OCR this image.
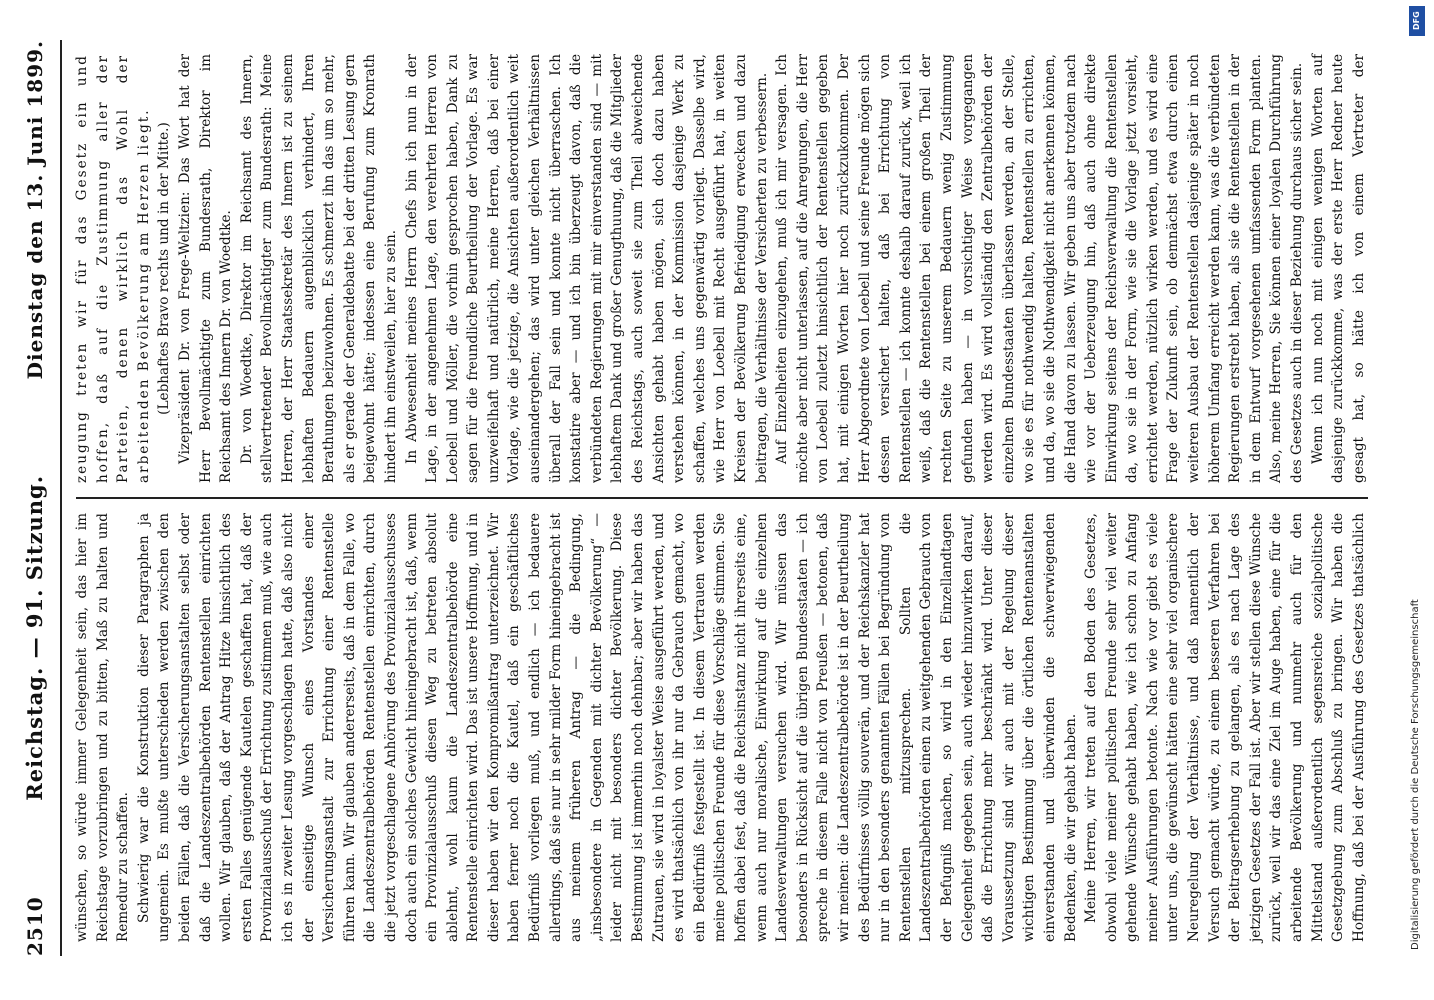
2510
Reichstag. — 91. Sitzung.
Dienstag den 13. Juni 1899.

wünschen, so würde immer Gelegenheit sein, das hier im Reichstage vorzubringen und zu bitten, Maß zu halten und Remedur zu schaffen. Schwierig war die Konstruktion dieser Paragraphen ja ungemein. Es mußte unterschieden werden zwischen den beiden Fällen, daß die Versicherungsanstalten selbst oder daß die Landeszentralbehörden Rentenstellen einrichten wollen. Wir glauben, daß der Antrag Hitze hinsichtlich des ersten Falles genügende Kautelen geschaffen hat, daß der Provinzialausschuß der Errichtung zustimmen muß, wie auch ich es in zweiter Lesung vorgeschlagen hatte, daß also nicht der einseitige Wunsch eines Vorstandes einer Versicherungsanstalt zur Errichtung einer Rentenstelle führen kann. Wir glauben andererseits, daß in dem Falle, wo die Landeszentralbehörden Rentenstellen einrichten, durch die jetzt vorgeschlagene Anhörung des Provinzialausschusses doch auch ein solches Gewicht hineingebracht ist, daß, wenn ein Provinzialausschuß diesen Weg zu betreten absolut ablehnt, wohl kaum die Landeszentralbehörde eine Rentenstelle einrichten wird. Das ist unsere Hoffnung, und in dieser haben wir den Kompromißantrag unterzeichnet. Wir haben ferner noch die Kautel, daß ein geschäftliches Bedürfniß vorliegen muß, und endlich — ich bedauere allerdings, daß sie nur in sehr milder Form hineingebracht ist aus meinem früheren Antrag — die Bedingung, „insbesondere in Gegenden mit dichter Bevölkerung“ — leider nicht mit besonders dichter Bevölkerung. Diese Bestimmung ist immerhin noch dehnbar; aber wir haben das Zutrauen, sie wird in loyalster Weise ausgeführt werden, und es wird thatsächlich von ihr nur da Gebrauch gemacht, wo ein Bedürfniß festgestellt ist. In diesem Vertrauen werden meine politischen Freunde für diese Vorschläge stimmen. Sie hoffen dabei fest, daß die Reichsinstanz nicht ihrerseits eine, wenn auch nur moralische, Einwirkung auf die einzelnen Landesverwaltungen versuchen wird. Wir müssen das besonders in Rücksicht auf die übrigen Bundesstaaten — ich spreche in diesem Falle nicht von Preußen — betonen, daß wir meinen: die Landeszentralbehörde ist in der Beurtheilung des Bedürfnisses völlig souverän, und der Reichskanzler hat nur in den besonders genannten Fällen bei Begründung von Rentenstellen mitzusprechen. Sollten die Landeszentralbehörden einen zu weitgehenden Gebrauch von der Befugniß machen, so wird in den Einzellandtagen Gelegenheit gegeben sein, auch wieder hinzuwirken darauf, daß die Errichtung mehr beschränkt wird. Unter dieser Voraussetzung sind wir auch mit der Regelung dieser wichtigen Bestimmung über die örtlichen Rentenanstalten einverstanden und überwinden die schwerwiegenden Bedenken, die wir gehabt haben. Meine Herren, wir treten auf den Boden des Gesetzes, obwohl viele meiner politischen Freunde sehr viel weiter gehende Wünsche gehabt haben, wie ich schon zu Anfang meiner Ausführungen betonte. Nach wie vor giebt es viele unter uns, die gewünscht hätten eine sehr viel organischere Neuregelung der Verhältnisse, und daß namentlich der Versuch gemacht würde, zu einem besseren Verfahren bei der Beitragserhebung zu gelangen, als es nach Lage des jetzigen Gesetzes der Fall ist. Aber wir stellen diese Wünsche zurück, weil wir das eine Ziel im Auge haben, eine für die arbeitende Bevölkerung und nunmehr auch für den Mittelstand außerordentlich segensreiche sozialpolitische Gesetzgebung zum Abschluß zu bringen. Wir haben die Hoffnung, daß bei der Ausführung des Gesetzes thatsächlich

zeugung treten wir für das Gesetz ein und hoffen, daß auf die Zustimmung aller der Parteien, denen wirklich das Wohl der arbeitenden Bevölkerung am Herzen liegt. (Lebhaftes Bravo rechts und in der Mitte.) Vizepräsident Dr. von Frege-Weltzien: Das Wort hat der Herr Bevollmächtigte zum Bundesrath, Direktor im Reichsamt des Innern Dr. von Woedtke. Dr. von Woedtke, Direktor im Reichsamt des Innern, stellvertretender Bevollmächtigter zum Bundesrath: Meine Herren, der Herr Staatssekretär des Innern ist zu seinem lebhaften Bedauern augenblicklich verhindert, Ihren Berathungen beizuwohnen. Es schmerzt ihn das um so mehr, als er gerade der Generaldebatte bei der dritten Lesung gern beigewohnt hätte; indessen eine Berufung zum Kronrath hindert ihn einstweilen, hier zu sein. In Abwesenheit meines Herrn Chefs bin ich nun in der Lage, in der angenehmen Lage, den verehrten Herren von Loebell und Möller, die vorhin gesprochen haben, Dank zu sagen für die freundliche Beurtheilung der Vorlage. Es war unzweifelhaft und natürlich, meine Herren, daß bei einer Vorlage, wie die jetzige, die Ansichten außerordentlich weit auseinandergehen; das wird unter gleichen Verhältnissen überall der Fall sein und konnte nicht überraschen. Ich konstatire aber — und ich bin überzeugt davon, daß die verbündeten Regierungen mit mir einverstanden sind — mit lebhaftem Dank und großer Genugthuung, daß die Mitglieder des Reichstags, auch soweit sie zum Theil abweichende Ansichten gehabt haben mögen, sich doch dazu haben verstehen können, in der Kommission dasjenige Werk zu schaffen, welches uns gegenwärtig vorliegt. Dasselbe wird, wie Herr von Loebell mit Recht ausgeführt hat, in weiten Kreisen der Bevölkerung Befriedigung erwecken und dazu beitragen, die Verhältnisse der Versicherten zu verbessern. Auf Einzelheiten einzugehen, muß ich mir versagen. Ich möchte aber nicht unterlassen, auf die Anregungen, die Herr von Loebell zuletzt hinsichtlich der Rentenstellen gegeben hat, mit einigen Worten hier noch zurückzukommen. Der Herr Abgeordnete von Loebell und seine Freunde mögen sich dessen versichert halten, daß bei Errichtung von Rentenstellen — ich konnte deshalb darauf zurück, weil ich weiß, daß die Rentenstellen bei einem großen Theil der rechten Seite zu unserem Bedauern wenig Zustimmung gefunden haben — in vorsichtiger Weise vorgegangen werden wird. Es wird vollständig den Zentralbehörden der einzelnen Bundesstaaten überlassen werden, an der Stelle, wo sie es für nothwendig halten, Rentenstellen zu errichten, und da, wo sie die Nothwendigkeit nicht anerkennen können, die Hand davon zu lassen. Wir geben uns aber trotzdem nach wie vor der Ueberzeugung hin, daß auch ohne direkte Einwirkung seitens der Reichsverwaltung die Rentenstellen da, wo sie in der Form, wie sie die Vorlage jetzt vorsieht, errichtet werden, nützlich wirken werden, und es wird eine Frage der Zukunft sein, ob demnächst etwa durch einen weiteren Ausbau der Rentenstellen dasjenige später in noch höherem Umfang erreicht werden kann, was die verbündeten Regierungen erstrebt haben, als sie die Rentenstellen in der in dem Entwurf vorgesehenen umfassenden Form planten. Also, meine Herren, Sie können einer loyalen Durchführung des Gesetzes auch in dieser Beziehung durchaus sicher sein. Wenn ich nun noch mit einigen wenigen Worten auf dasjenige zurückkomme, was der erste Herr Redner heute gesagt hat, so hätte ich von einem Vertreter der

DFG
Digitalisierung gefördert durch die Deutsche Forschungsgemeinschaft
